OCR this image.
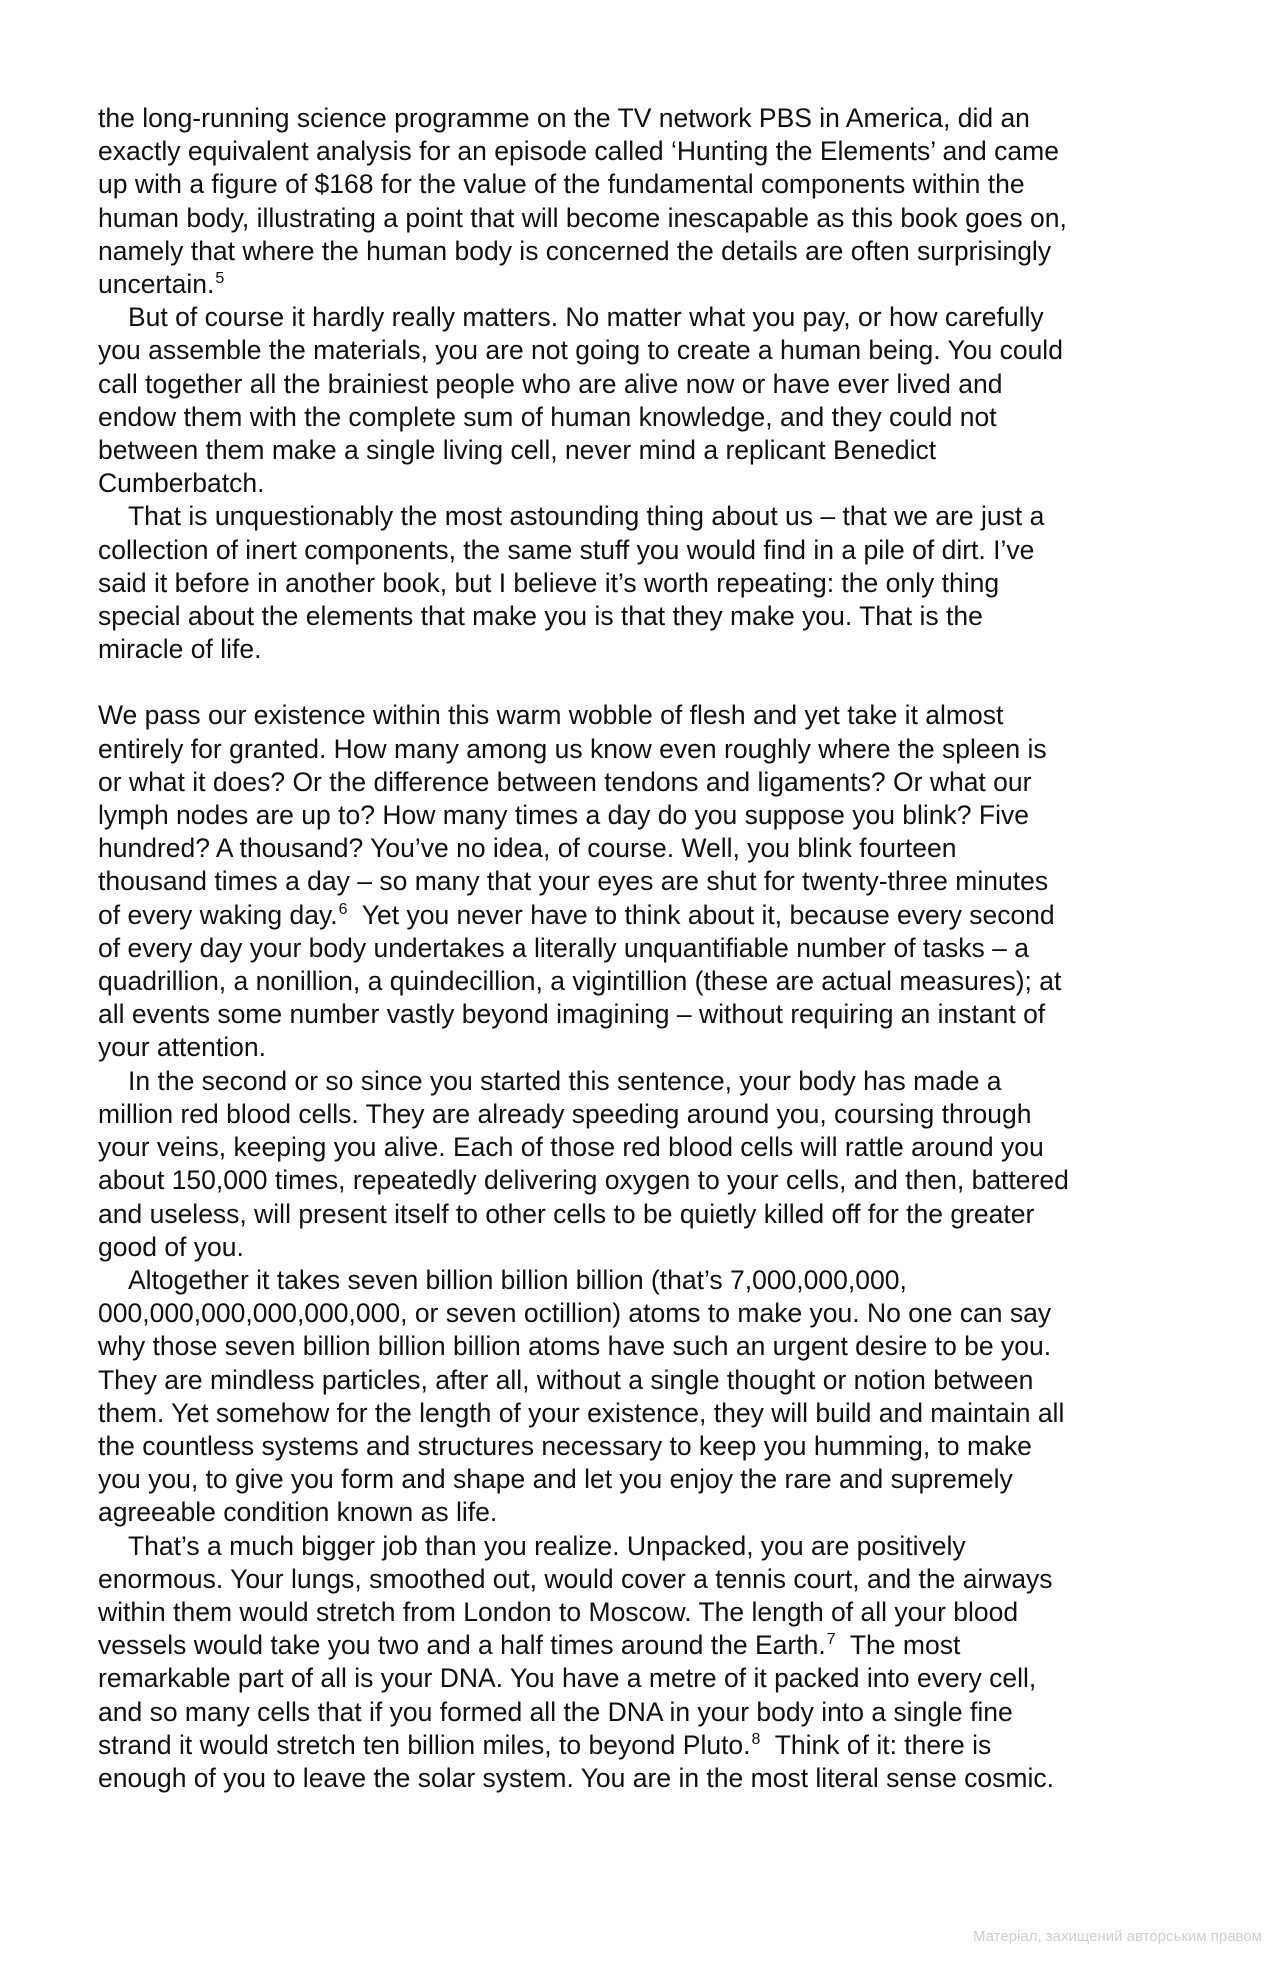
the long-running science programme on the TV network PBS in America, did an
exactly equivalent analysis for an episode called ‘Hunting the Elements’ and came
up with a figure of $168 for the value of the fundamental components within the
human body, illustrating a point that will become inescapable as this book goes on,
namely that where the human body is concerned the details are often surprisingly
uncertain.$^5$

But of course it hardly really matters. No matter what you pay, or how carefully
you assemble the materials, you are not going to create a human being. You could
call together all the brainiest people who are alive now or have ever lived and
endow them with the complete sum of human knowledge, and they could not
between them make a single living cell, never mind a replicant Benedict
Cumberbatch.

That is unquestionably the most astounding thing about us – that we are just a
collection of inert components, the same stuff you would find in a pile of dirt. I’ve
said it before in another book, but I believe it’s worth repeating: the only thing
special about the elements that make you is that they make you. That is the
miracle of life.

We pass our existence within this warm wobble of flesh and yet take it almost
entirely for granted. How many among us know even roughly where the spleen is
or what it does? Or the difference between tendons and ligaments? Or what our
lymph nodes are up to? How many times a day do you suppose you blink? Five
hundred? A thousand? You’ve no idea, of course. Well, you blink fourteen
thousand times a day – so many that your eyes are shut for twenty-three minutes
of every waking day.$^6$  Yet you never have to think about it, because every second
of every day your body undertakes a literally unquantifiable number of tasks – a
quadrillion, a nonillion, a quindecillion, a vigintillion (these are actual measures); at
all events some number vastly beyond imagining – without requiring an instant of
your attention.

In the second or so since you started this sentence, your body has made a
million red blood cells. They are already speeding around you, coursing through
your veins, keeping you alive. Each of those red blood cells will rattle around you
about 150,000 times, repeatedly delivering oxygen to your cells, and then, battered
and useless, will present itself to other cells to be quietly killed off for the greater
good of you.

Altogether it takes seven billion billion billion (that’s 7,000,000,000,
000,000,000,000,000,000, or seven octillion) atoms to make you. No one can say
why those seven billion billion billion atoms have such an urgent desire to be you.
They are mindless particles, after all, without a single thought or notion between
them. Yet somehow for the length of your existence, they will build and maintain all
the countless systems and structures necessary to keep you humming, to make
you you, to give you form and shape and let you enjoy the rare and supremely
agreeable condition known as life.

That’s a much bigger job than you realize. Unpacked, you are positively
enormous. Your lungs, smoothed out, would cover a tennis court, and the airways
within them would stretch from London to Moscow. The length of all your blood
vessels would take you two and a half times around the Earth.$^7$  The most
remarkable part of all is your DNA. You have a metre of it packed into every cell,
and so many cells that if you formed all the DNA in your body into a single fine
strand it would stretch ten billion miles, to beyond Pluto.$^8$  Think of it: there is
enough of you to leave the solar system. You are in the most literal sense cosmic.

Матеріал, захищений авторським правом
